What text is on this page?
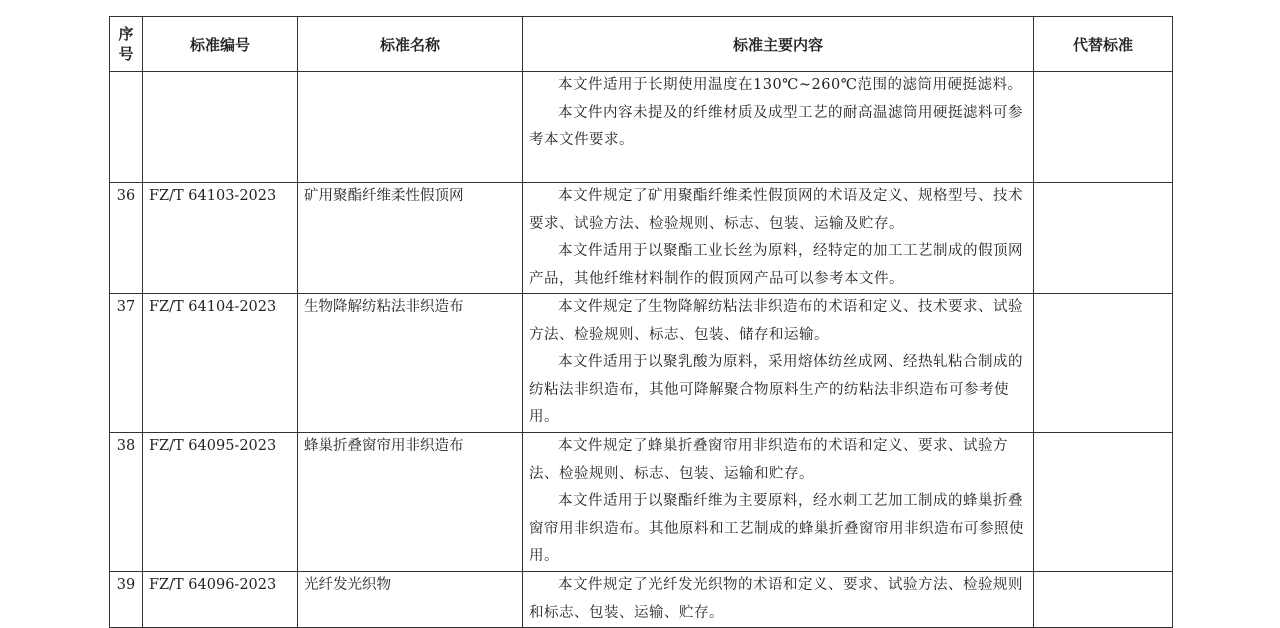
序
号	标准编号	标准名称	标准主要内容	代替标准

			本文件适用于长期使用温度在130℃~260℃范围的滤筒用硬挺滤料。

本文件内容未提及的纤维材质及成型工艺的耐高温滤筒用硬挺滤料可参考本文件要求。	

36	FZ/T 64103-2023	矿用聚酯纤维柔性假顶网	本文件规定了矿用聚酯纤维柔性假顶网的术语及定义、规格型号、技术要求、试验方法、检验规则、标志、包装、运输及贮存。

本文件适用于以聚酯工业长丝为原料，经特定的加工工艺制成的假顶网产品，其他纤维材料制作的假顶网产品可以参考本文件。	

37	FZ/T 64104-2023	生物降解纺粘法非织造布	本文件规定了生物降解纺粘法非织造布的术语和定义、技术要求、试验方法、检验规则、标志、包装、储存和运输。

本文件适用于以聚乳酸为原料，采用熔体纺丝成网、经热轧粘合制成的纺粘法非织造布，其他可降解聚合物原料生产的纺粘法非织造布可参考使用。	

38	FZ/T 64095-2023	蜂巢折叠窗帘用非织造布	本文件规定了蜂巢折叠窗帘用非织造布的术语和定义、要求、试验方法、检验规则、标志、包装、运输和贮存。

本文件适用于以聚酯纤维为主要原料，经水刺工艺加工制成的蜂巢折叠窗帘用非织造布。其他原料和工艺制成的蜂巢折叠窗帘用非织造布可参照使用。	

39	FZ/T 64096-2023	光纤发光织物	本文件规定了光纤发光织物的术语和定义、要求、试验方法、检验规则和标志、包装、运输、贮存。	
